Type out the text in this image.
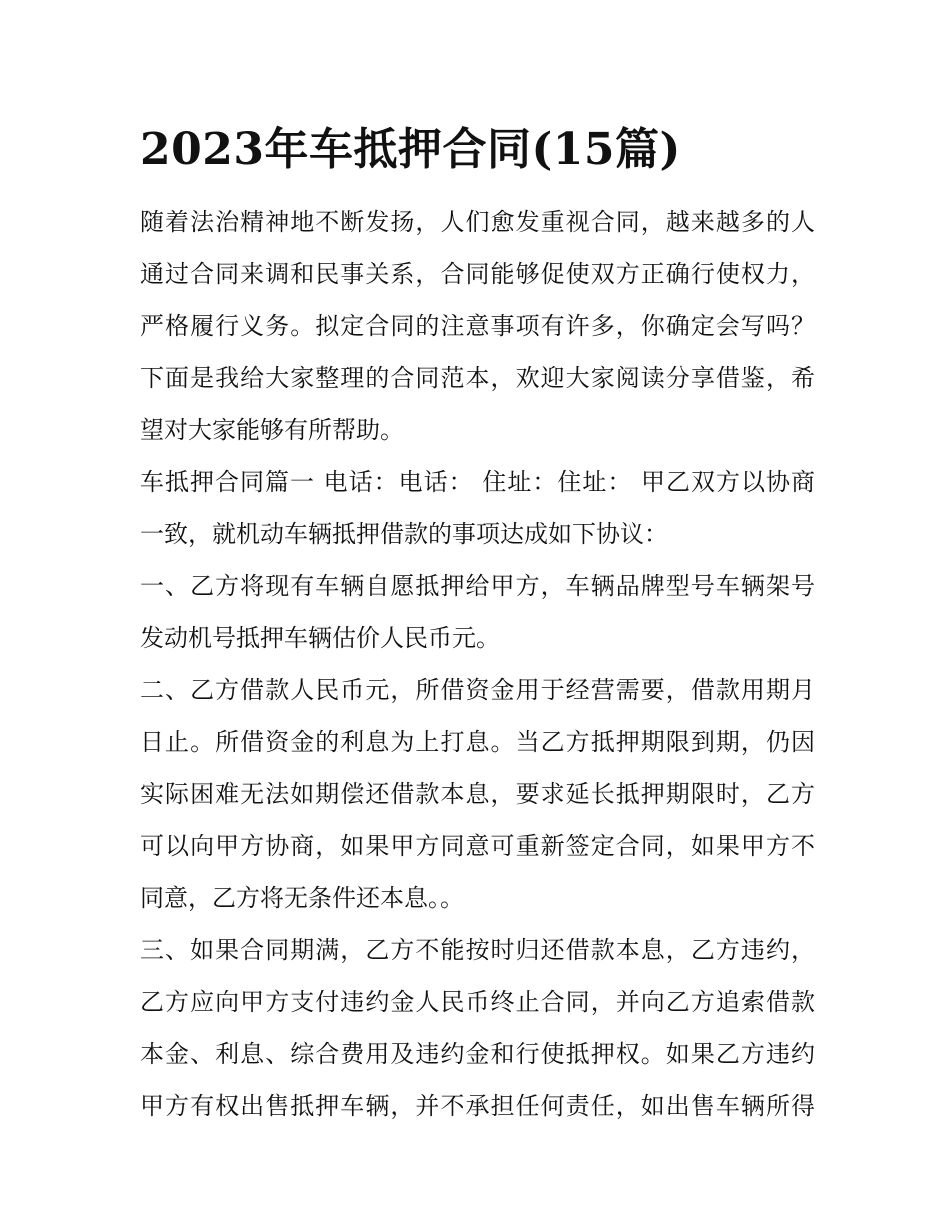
2023年车抵押合同(15篇)

随着法治精神地不断发扬，人们愈发重视合同，越来越多的人
通过合同来调和民事关系，合同能够促使双方正确行使权力，
严格履行义务。拟定合同的注意事项有许多，你确定会写吗？
下面是我给大家整理的合同范本，欢迎大家阅读分享借鉴，希
望对大家能够有所帮助。

车抵押合同篇一 电话：电话： 住址：住址： 甲乙双方以协商
一致，就机动车辆抵押借款的事项达成如下协议：

一、乙方将现有车辆自愿抵押给甲方，车辆品牌型号车辆架号
发动机号抵押车辆估价人民币元。

二、乙方借款人民币元，所借资金用于经营需要，借款用期月
日止。所借资金的利息为上打息。当乙方抵押期限到期，仍因
实际困难无法如期偿还借款本息，要求延长抵押期限时，乙方
可以向甲方协商，如果甲方同意可重新签定合同，如果甲方不
同意，乙方将无条件还本息。。

三、如果合同期满，乙方不能按时归还借款本息，乙方违约，
乙方应向甲方支付违约金人民币终止合同，并向乙方追索借款
本金、利息、综合费用及违约金和行使抵押权。如果乙方违约
甲方有权出售抵押车辆，并不承担任何责任，如出售车辆所得
